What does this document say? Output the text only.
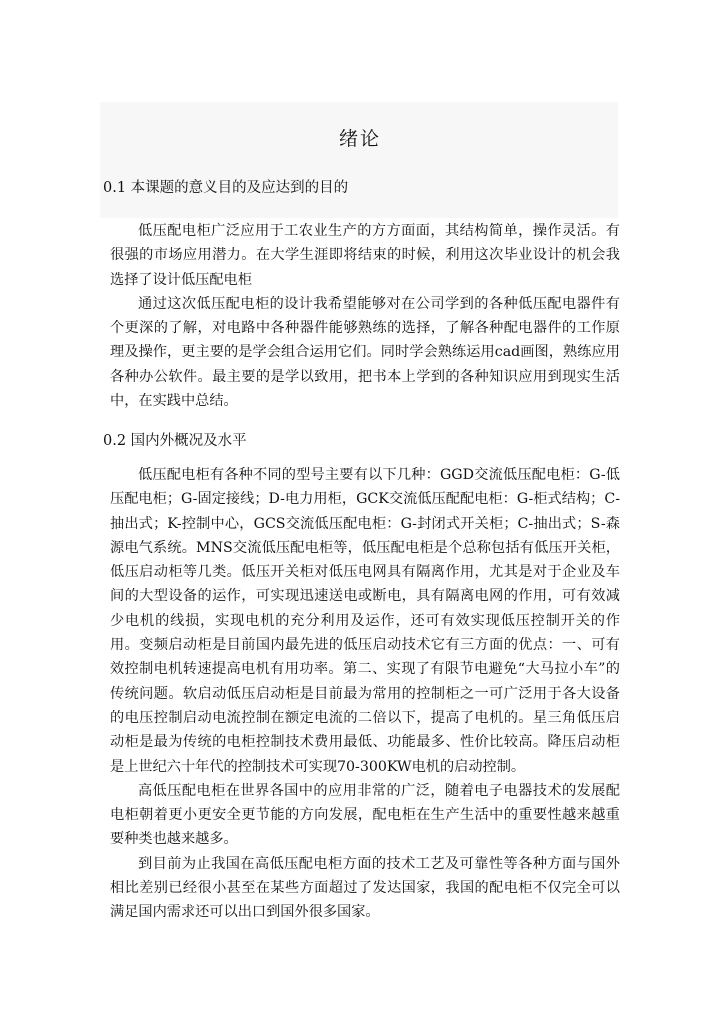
绪论
0.1 本课题的意义目的及应达到的目的

低压配电柜广泛应用于工农业生产的方方面面，其结构简单，操作灵活。有很强的市场应用潜力。在大学生涯即将结束的时候，利用这次毕业设计的机会我选择了设计低压配电柜

通过这次低压配电柜的设计我希望能够对在公司学到的各种低压配电器件有个更深的了解，对电路中各种器件能够熟练的选择，了解各种配电器件的工作原理及操作，更主要的是学会组合运用它们。同时学会熟练运用cad画图，熟练应用各种办公软件。最主要的是学以致用，把书本上学到的各种知识应用到现实生活中，在实践中总结。

0.2 国内外概况及水平

低压配电柜有各种不同的型号主要有以下几种：GGD交流低压配电柜：G-低压配电柜；G-固定接线；D-电力用柜，GCK交流低压配配电柜：G-柜式结构；C-抽出式；K-控制中心，GCS交流低压配电柜：G-封闭式开关柜；C-抽出式；S-森源电气系统。MNS交流低压配电柜等，低压配电柜是个总称包括有低压开关柜，低压启动柜等几类。低压开关柜对低压电网具有隔离作用，尤其是对于企业及车间的大型设备的运作，可实现迅速送电或断电，具有隔离电网的作用，可有效减少电机的线损，实现电机的充分利用及运作，还可有效实现低压控制开关的作用。变频启动柜是目前国内最先进的低压启动技术它有三方面的优点：一、可有效控制电机转速提高电机有用功率。第二、实现了有限节电避免“大马拉小车”的传统问题。软启动低压启动柜是目前最为常用的控制柜之一可广泛用于各大设备的电压控制启动电流控制在额定电流的二倍以下，提高了电机的。星三角低压启动柜是最为传统的电柜控制技术费用最低、功能最多、性价比较高。降压启动柜是上世纪六十年代的控制技术可实现70-300KW电机的启动控制。

高低压配电柜在世界各国中的应用非常的广泛，随着电子电器技术的发展配电柜朝着更小更安全更节能的方向发展，配电柜在生产生活中的重要性越来越重要种类也越来越多。

到目前为止我国在高低压配电柜方面的技术工艺及可靠性等各种方面与国外相比差别已经很小甚至在某些方面超过了发达国家，我国的配电柜不仅完全可以满足国内需求还可以出口到国外很多国家。
